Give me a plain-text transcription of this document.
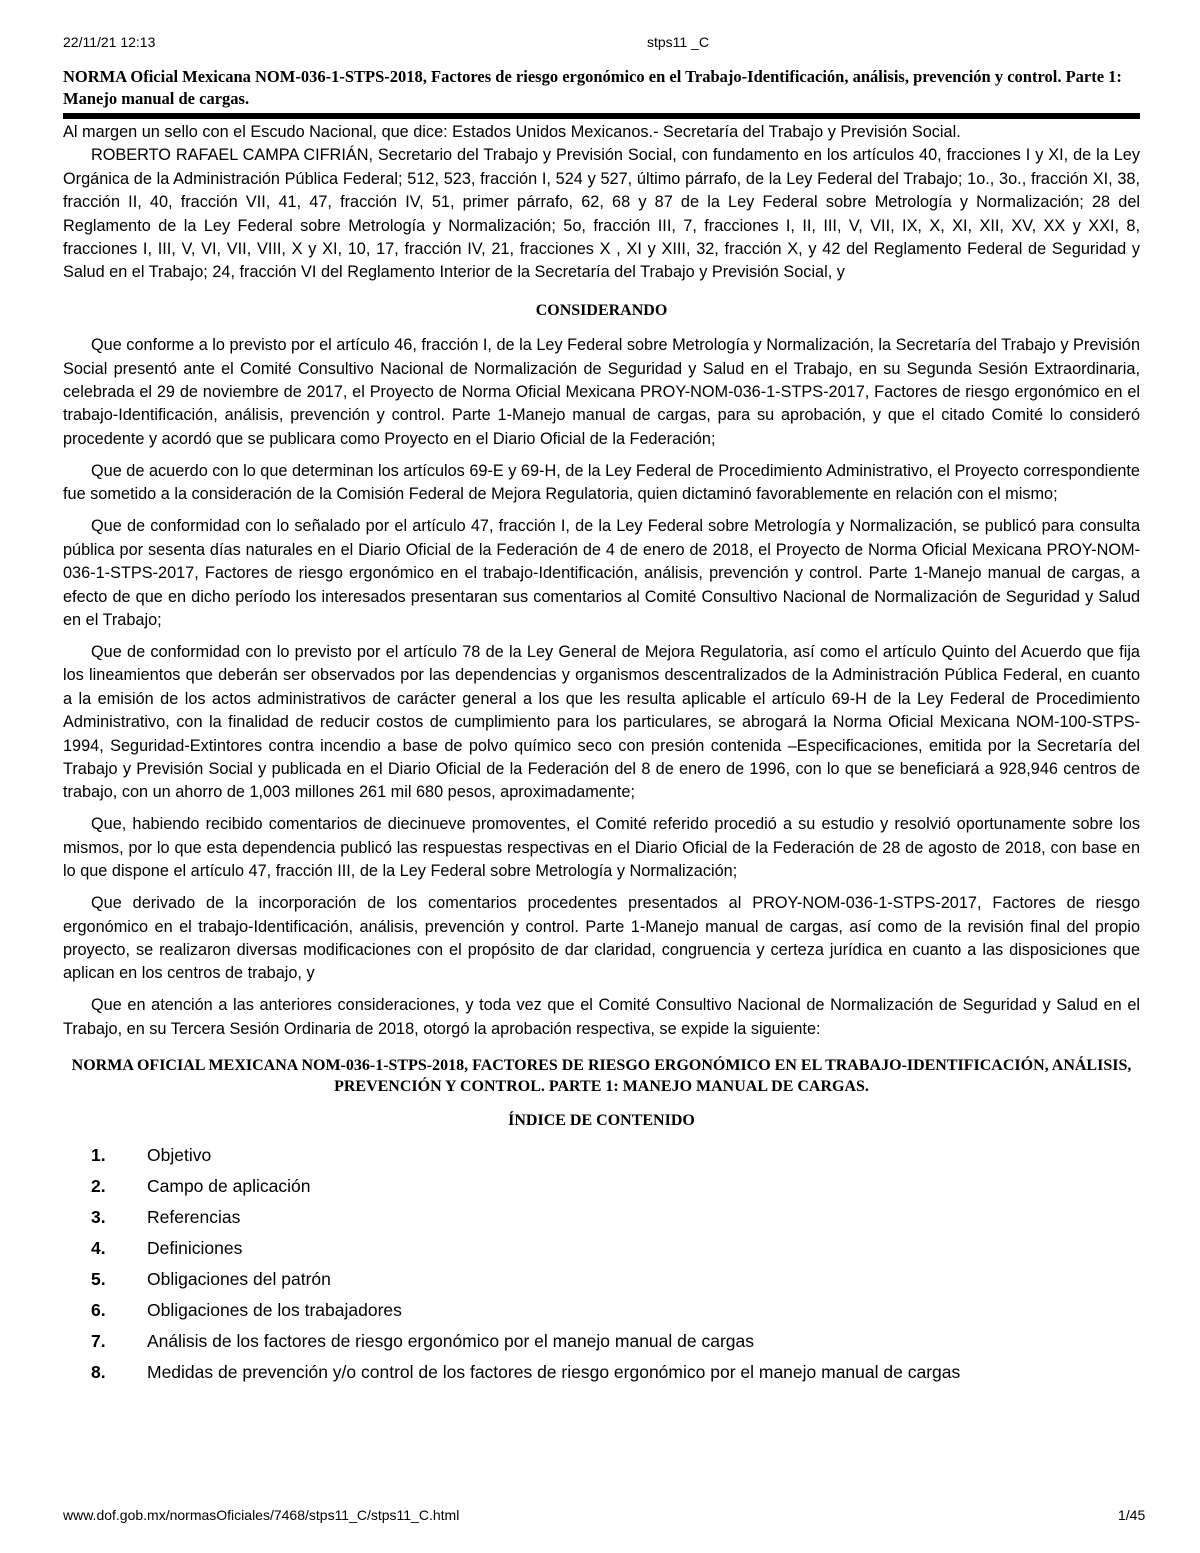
22/11/21 12:13	stps11 _C
NORMA Oficial Mexicana NOM-036-1-STPS-2018, Factores de riesgo ergonómico en el Trabajo-Identificación, análisis, prevención y control. Parte 1: Manejo manual de cargas.

Al margen un sello con el Escudo Nacional, que dice: Estados Unidos Mexicanos.- Secretaría del Trabajo y Previsión Social.

ROBERTO RAFAEL CAMPA CIFRIÁN, Secretario del Trabajo y Previsión Social, con fundamento en los artículos 40, fracciones I y XI, de la Ley Orgánica de la Administración Pública Federal; 512, 523, fracción I, 524 y 527, último párrafo, de la Ley Federal del Trabajo; 1o., 3o., fracción XI, 38, fracción II, 40, fracción VII, 41, 47, fracción IV, 51, primer párrafo, 62, 68 y 87 de la Ley Federal sobre Metrología y Normalización; 28 del Reglamento de la Ley Federal sobre Metrología y Normalización; 5o, fracción III, 7, fracciones I, II, III, V, VII, IX, X, XI, XII, XV, XX y XXI, 8, fracciones I, III, V, VI, VII, VIII, X y XI, 10, 17, fracción IV, 21, fracciones X , XI y XIII, 32, fracción X, y 42 del Reglamento Federal de Seguridad y Salud en el Trabajo; 24, fracción VI del Reglamento Interior de la Secretaría del Trabajo y Previsión Social, y

CONSIDERANDO

Que conforme a lo previsto por el artículo 46, fracción I, de la Ley Federal sobre Metrología y Normalización, la Secretaría del Trabajo y Previsión Social presentó ante el Comité Consultivo Nacional de Normalización de Seguridad y Salud en el Trabajo, en su Segunda Sesión Extraordinaria, celebrada el 29 de noviembre de 2017, el Proyecto de Norma Oficial Mexicana PROY-NOM-036-1-STPS-2017, Factores de riesgo ergonómico en el trabajo-Identificación, análisis, prevención y control. Parte 1-Manejo manual de cargas, para su aprobación, y que el citado Comité lo consideró procedente y acordó que se publicara como Proyecto en el Diario Oficial de la Federación;

Que de acuerdo con lo que determinan los artículos 69-E y 69-H, de la Ley Federal de Procedimiento Administrativo, el Proyecto correspondiente fue sometido a la consideración de la Comisión Federal de Mejora Regulatoria, quien dictaminó favorablemente en relación con el mismo;

Que de conformidad con lo señalado por el artículo 47, fracción I, de la Ley Federal sobre Metrología y Normalización, se publicó para consulta pública por sesenta días naturales en el Diario Oficial de la Federación de 4 de enero de 2018, el Proyecto de Norma Oficial Mexicana PROY-NOM-036-1-STPS-2017, Factores de riesgo ergonómico en el trabajo-Identificación, análisis, prevención y control. Parte 1-Manejo manual de cargas, a efecto de que en dicho período los interesados presentaran sus comentarios al Comité Consultivo Nacional de Normalización de Seguridad y Salud en el Trabajo;

Que de conformidad con lo previsto por el artículo 78 de la Ley General de Mejora Regulatoria, así como el artículo Quinto del Acuerdo que fija los lineamientos que deberán ser observados por las dependencias y organismos descentralizados de la Administración Pública Federal, en cuanto a la emisión de los actos administrativos de carácter general a los que les resulta aplicable el artículo 69-H de la Ley Federal de Procedimiento Administrativo, con la finalidad de reducir costos de cumplimiento para los particulares, se abrogará la Norma Oficial Mexicana NOM-100-STPS-1994, Seguridad-Extintores contra incendio a base de polvo químico seco con presión contenida –Especificaciones, emitida por la Secretaría del Trabajo y Previsión Social y publicada en el Diario Oficial de la Federación del 8 de enero de 1996, con lo que se beneficiará a 928,946 centros de trabajo, con un ahorro de 1,003 millones 261 mil 680 pesos, aproximadamente;

Que, habiendo recibido comentarios de diecinueve promoventes, el Comité referido procedió a su estudio y resolvió oportunamente sobre los mismos, por lo que esta dependencia publicó las respuestas respectivas en el Diario Oficial de la Federación de 28 de agosto de 2018, con base en lo que dispone el artículo 47, fracción III, de la Ley Federal sobre Metrología y Normalización;

Que derivado de la incorporación de los comentarios procedentes presentados al PROY-NOM-036-1-STPS-2017, Factores de riesgo ergonómico en el trabajo-Identificación, análisis, prevención y control. Parte 1-Manejo manual de cargas, así como de la revisión final del propio proyecto, se realizaron diversas modificaciones con el propósito de dar claridad, congruencia y certeza jurídica en cuanto a las disposiciones que aplican en los centros de trabajo, y

Que en atención a las anteriores consideraciones, y toda vez que el Comité Consultivo Nacional de Normalización de Seguridad y Salud en el Trabajo, en su Tercera Sesión Ordinaria de 2018, otorgó la aprobación respectiva, se expide la siguiente:

NORMA OFICIAL MEXICANA NOM-036-1-STPS-2018, FACTORES DE RIESGO ERGONÓMICO EN EL TRABAJO-IDENTIFICACIÓN, ANÁLISIS, PREVENCIÓN Y CONTROL. PARTE 1: MANEJO MANUAL DE CARGAS.
ÍNDICE DE CONTENIDO
1.	Objetivo
2.	Campo de aplicación
3.	Referencias
4.	Definiciones
5.	Obligaciones del patrón
6.	Obligaciones de los trabajadores
7.	Análisis de los factores de riesgo ergonómico por el manejo manual de cargas
8.	Medidas de prevención y/o control de los factores de riesgo ergonómico por el manejo manual de cargas
www.dof.gob.mx/normasOficiales/7468/stps11_C/stps11_C.html	1/45
